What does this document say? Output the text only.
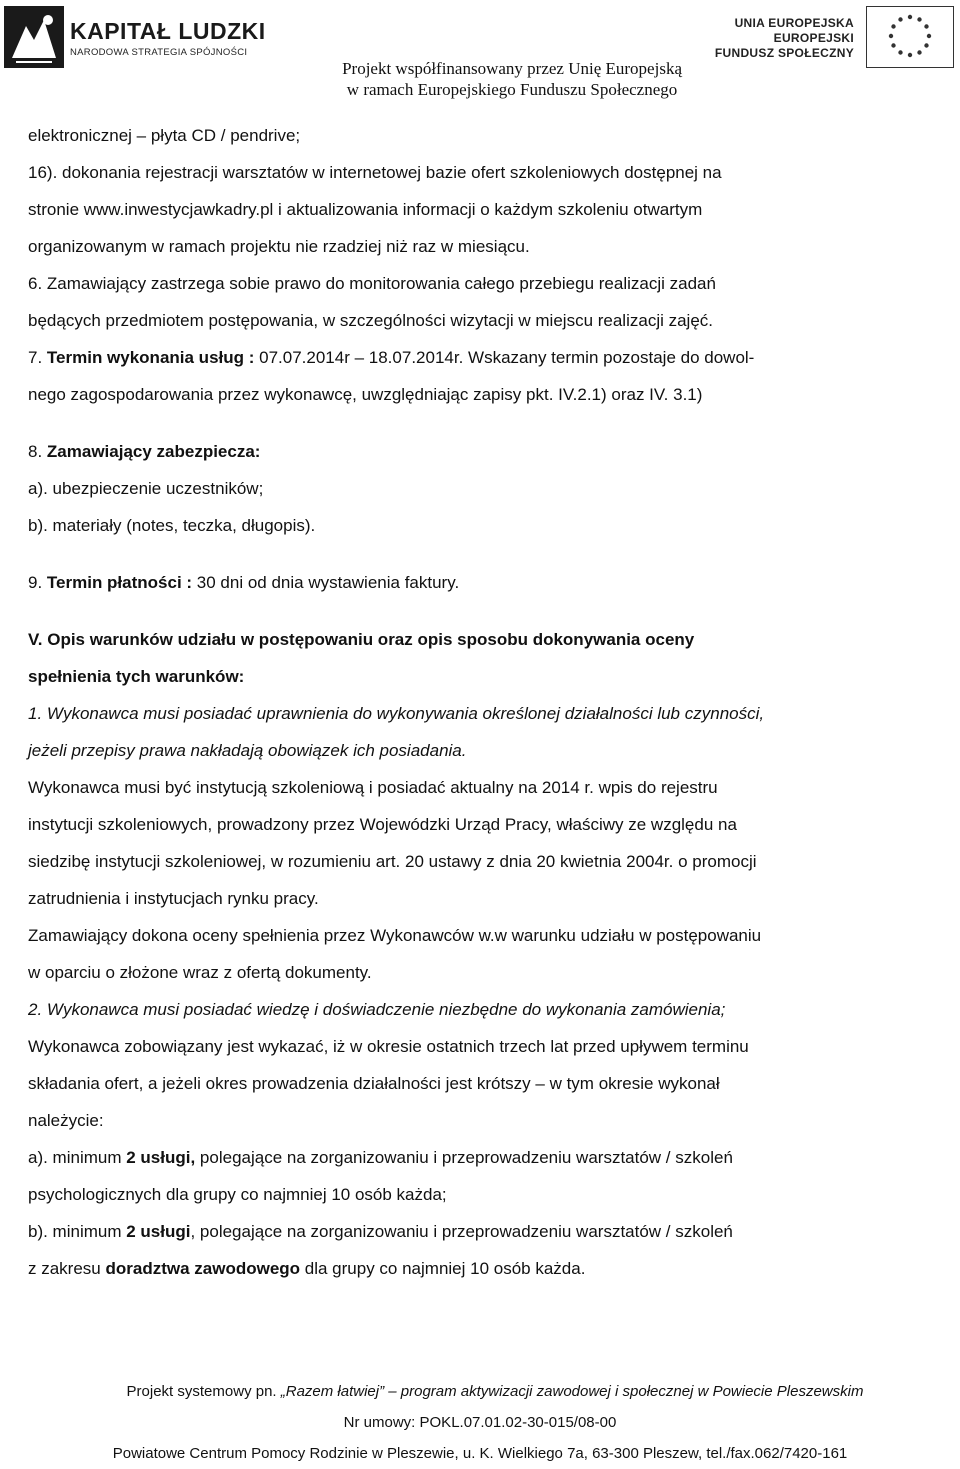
KAPITAŁ LUDZKI
NARODOWA STRATEGIA SPÓJNOŚCI
UNIA EUROPEJSKA
EUROPEJSKI
FUNDUSZ SPOŁECZNY
Projekt współfinansowany przez Unię Europejską
w ramach Europejskiego Funduszu Społecznego
elektronicznej – płyta CD / pendrive;
16). dokonania rejestracji warsztatów w internetowej bazie ofert szkoleniowych dostępnej na
stronie www.inwestycjawkadry.pl i aktualizowania informacji o każdym szkoleniu otwartym
organizowanym w ramach projektu nie rzadziej niż raz w miesiącu.
6. Zamawiający zastrzega sobie prawo do monitorowania całego przebiegu realizacji zadań
będących przedmiotem postępowania, w szczególności wizytacji w miejscu realizacji zajęć.
7. Termin wykonania usług : 07.07.2014r – 18.07.2014r. Wskazany termin pozostaje do dowol-
nego zagospodarowania przez wykonawcę, uwzględniając zapisy pkt. IV.2.1) oraz IV. 3.1)
8. Zamawiający zabezpiecza:
a). ubezpieczenie uczestników;
b). materiały (notes, teczka, długopis).
9. Termin płatności : 30 dni od dnia wystawienia faktury.
V. Opis warunków udziału w postępowaniu oraz opis sposobu dokonywania oceny
spełnienia tych warunków:
1. Wykonawca musi posiadać uprawnienia do wykonywania określonej działalności lub czynności,
jeżeli przepisy prawa nakładają obowiązek ich posiadania.
Wykonawca musi być instytucją szkoleniową i posiadać aktualny na 2014 r. wpis do rejestru
instytucji szkoleniowych, prowadzony przez Wojewódzki Urząd Pracy, właściwy ze względu na
siedzibę instytucji szkoleniowej, w rozumieniu art. 20 ustawy z dnia 20 kwietnia 2004r. o promocji
zatrudnienia i instytucjach rynku pracy.
Zamawiający dokona oceny spełnienia przez Wykonawców w.w warunku udziału w postępowaniu
w oparciu o złożone wraz z ofertą dokumenty.
2. Wykonawca musi posiadać wiedzę i doświadczenie niezbędne do wykonania zamówienia;
Wykonawca zobowiązany jest wykazać, iż w okresie ostatnich trzech lat przed upływem terminu
składania ofert, a jeżeli okres prowadzenia działalności jest krótszy – w tym okresie wykonał
należycie:
a). minimum 2 usługi, polegające na zorganizowaniu i przeprowadzeniu warsztatów / szkoleń
psychologicznych dla grupy co najmniej 10 osób każda;
b). minimum 2 usługi, polegające na zorganizowaniu i przeprowadzeniu warsztatów / szkoleń
z zakresu doradztwa zawodowego dla grupy co najmniej 10 osób każda.
Projekt systemowy pn. „Razem łatwiej” – program aktywizacji zawodowej i społecznej w Powiecie Pleszewskim
Nr umowy: POKL.07.01.02-30-015/08-00
Powiatowe Centrum Pomocy Rodzinie w Pleszewie, u. K. Wielkiego 7a, 63-300 Pleszew, tel./fax.062/7420-161
